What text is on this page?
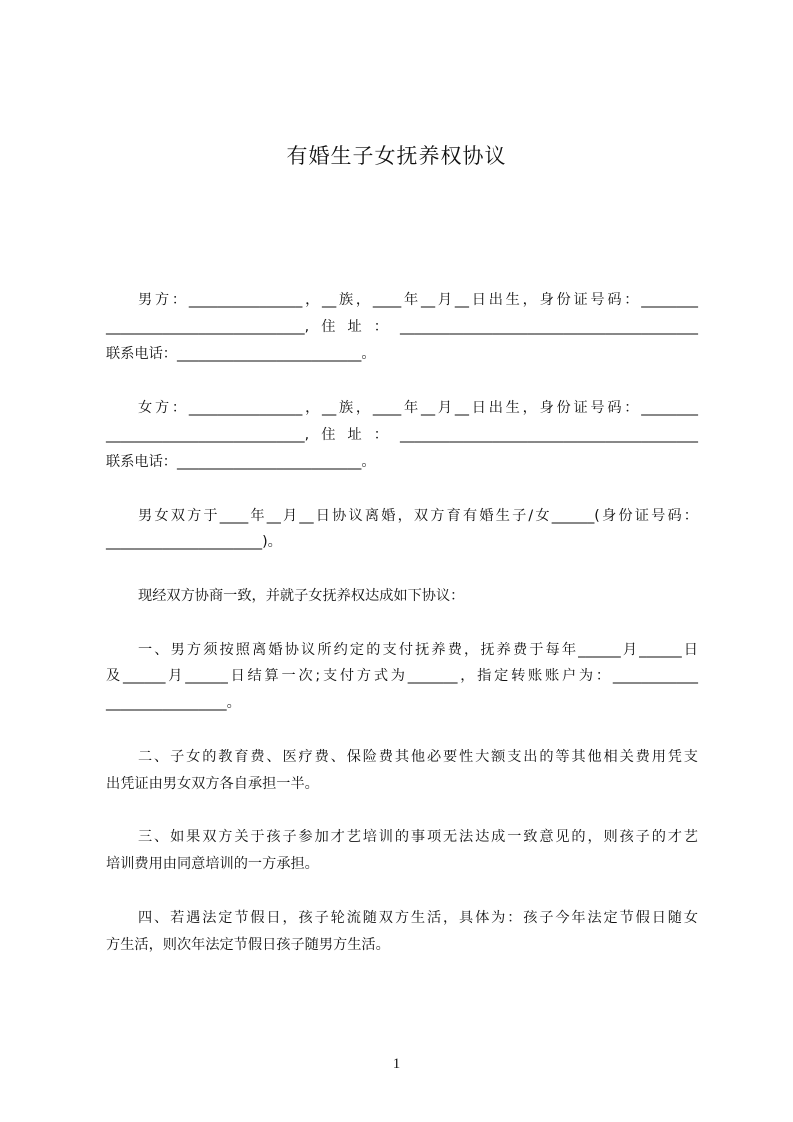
有婚生子女抚养权协议

男方：________________，__族，____年__月__日出生，身份证号码：________

____________________________,住址：__________________________________________

联系电话：__________________________。

女方：________________，__族，____年__月__日出生，身份证号码：________

____________________________,住址：__________________________________________

联系电话：__________________________。

男女双方于____年__月__日协议离婚，双方育有婚生子/女______(身份证号码：

______________________)。

现经双方协商一致，并就子女抚养权达成如下协议：

一、男方须按照离婚协议所约定的支付抚养费，抚养费于每年______月______日

及______月______日结算一次;支付方式为_______，指定转账账户为：____________

_________________。

二、子女的教育费、医疗费、保险费其他必要性大额支出的等其他相关费用凭支

出凭证由男女双方各自承担一半。

三、如果双方关于孩子参加才艺培训的事项无法达成一致意见的，则孩子的才艺

培训费用由同意培训的一方承担。

四、若遇法定节假日，孩子轮流随双方生活，具体为：孩子今年法定节假日随女

方生活，则次年法定节假日孩子随男方生活。

1
